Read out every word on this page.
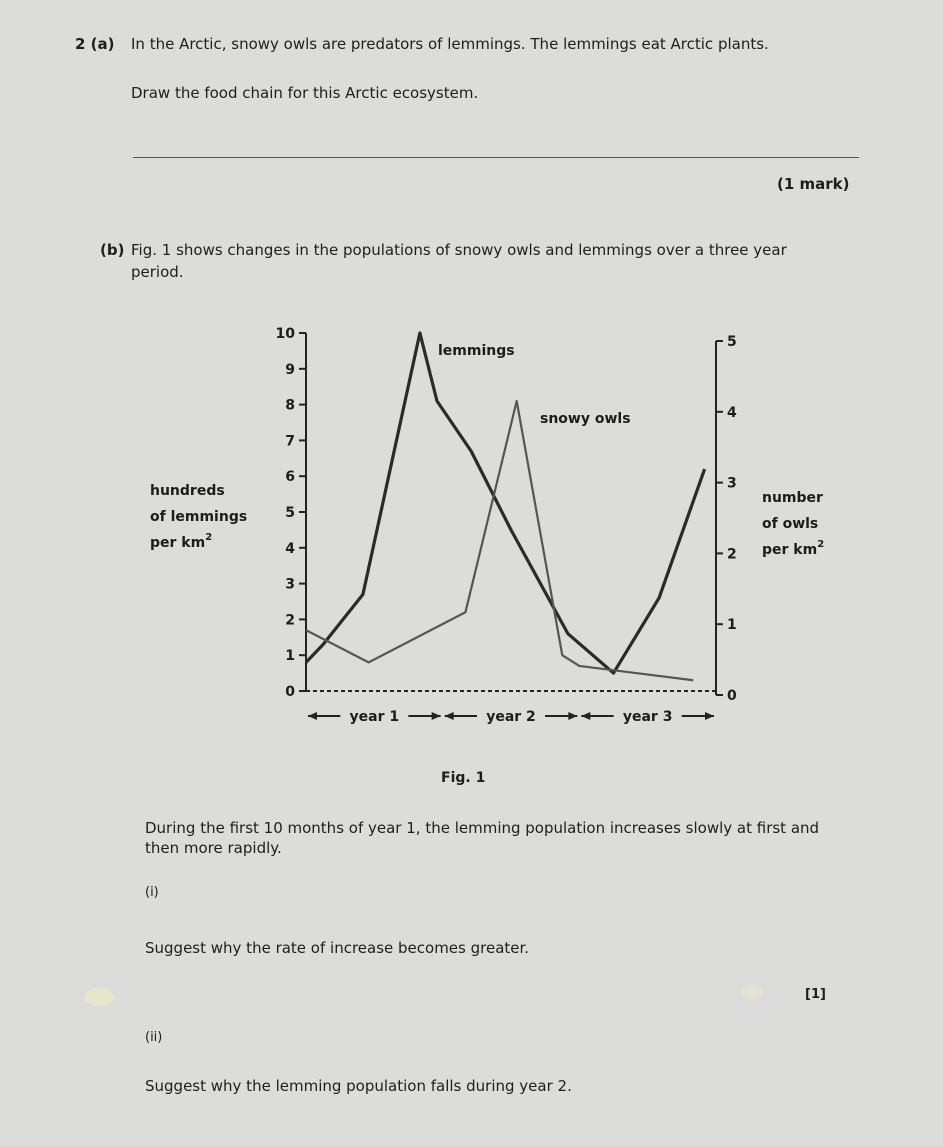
2 (a) In the Arctic, snowy owls are predators of lemmings. The lemmings eat Arctic plants.
Draw the food chain for this Arctic ecosystem.
(1 mark)
(b) Fig. 1 shows changes in the populations of snowy owls and lemmings over a three year
period.
hundreds
of lemmings
per $km^2$
number
of owls
per $km^2$
0
1
2
3
4
5
6
7
8
9
10
0
1
2
3
4
5
year 1	year 2	year 3
lemmings
snowy owls
Fig. 1
During the first 10 months of year 1, the lemming population increases slowly at first and
then more rapidly.
(i)
Suggest why the rate of increase becomes greater.
[1]
(ii)
Suggest why the lemming population falls during year 2.
